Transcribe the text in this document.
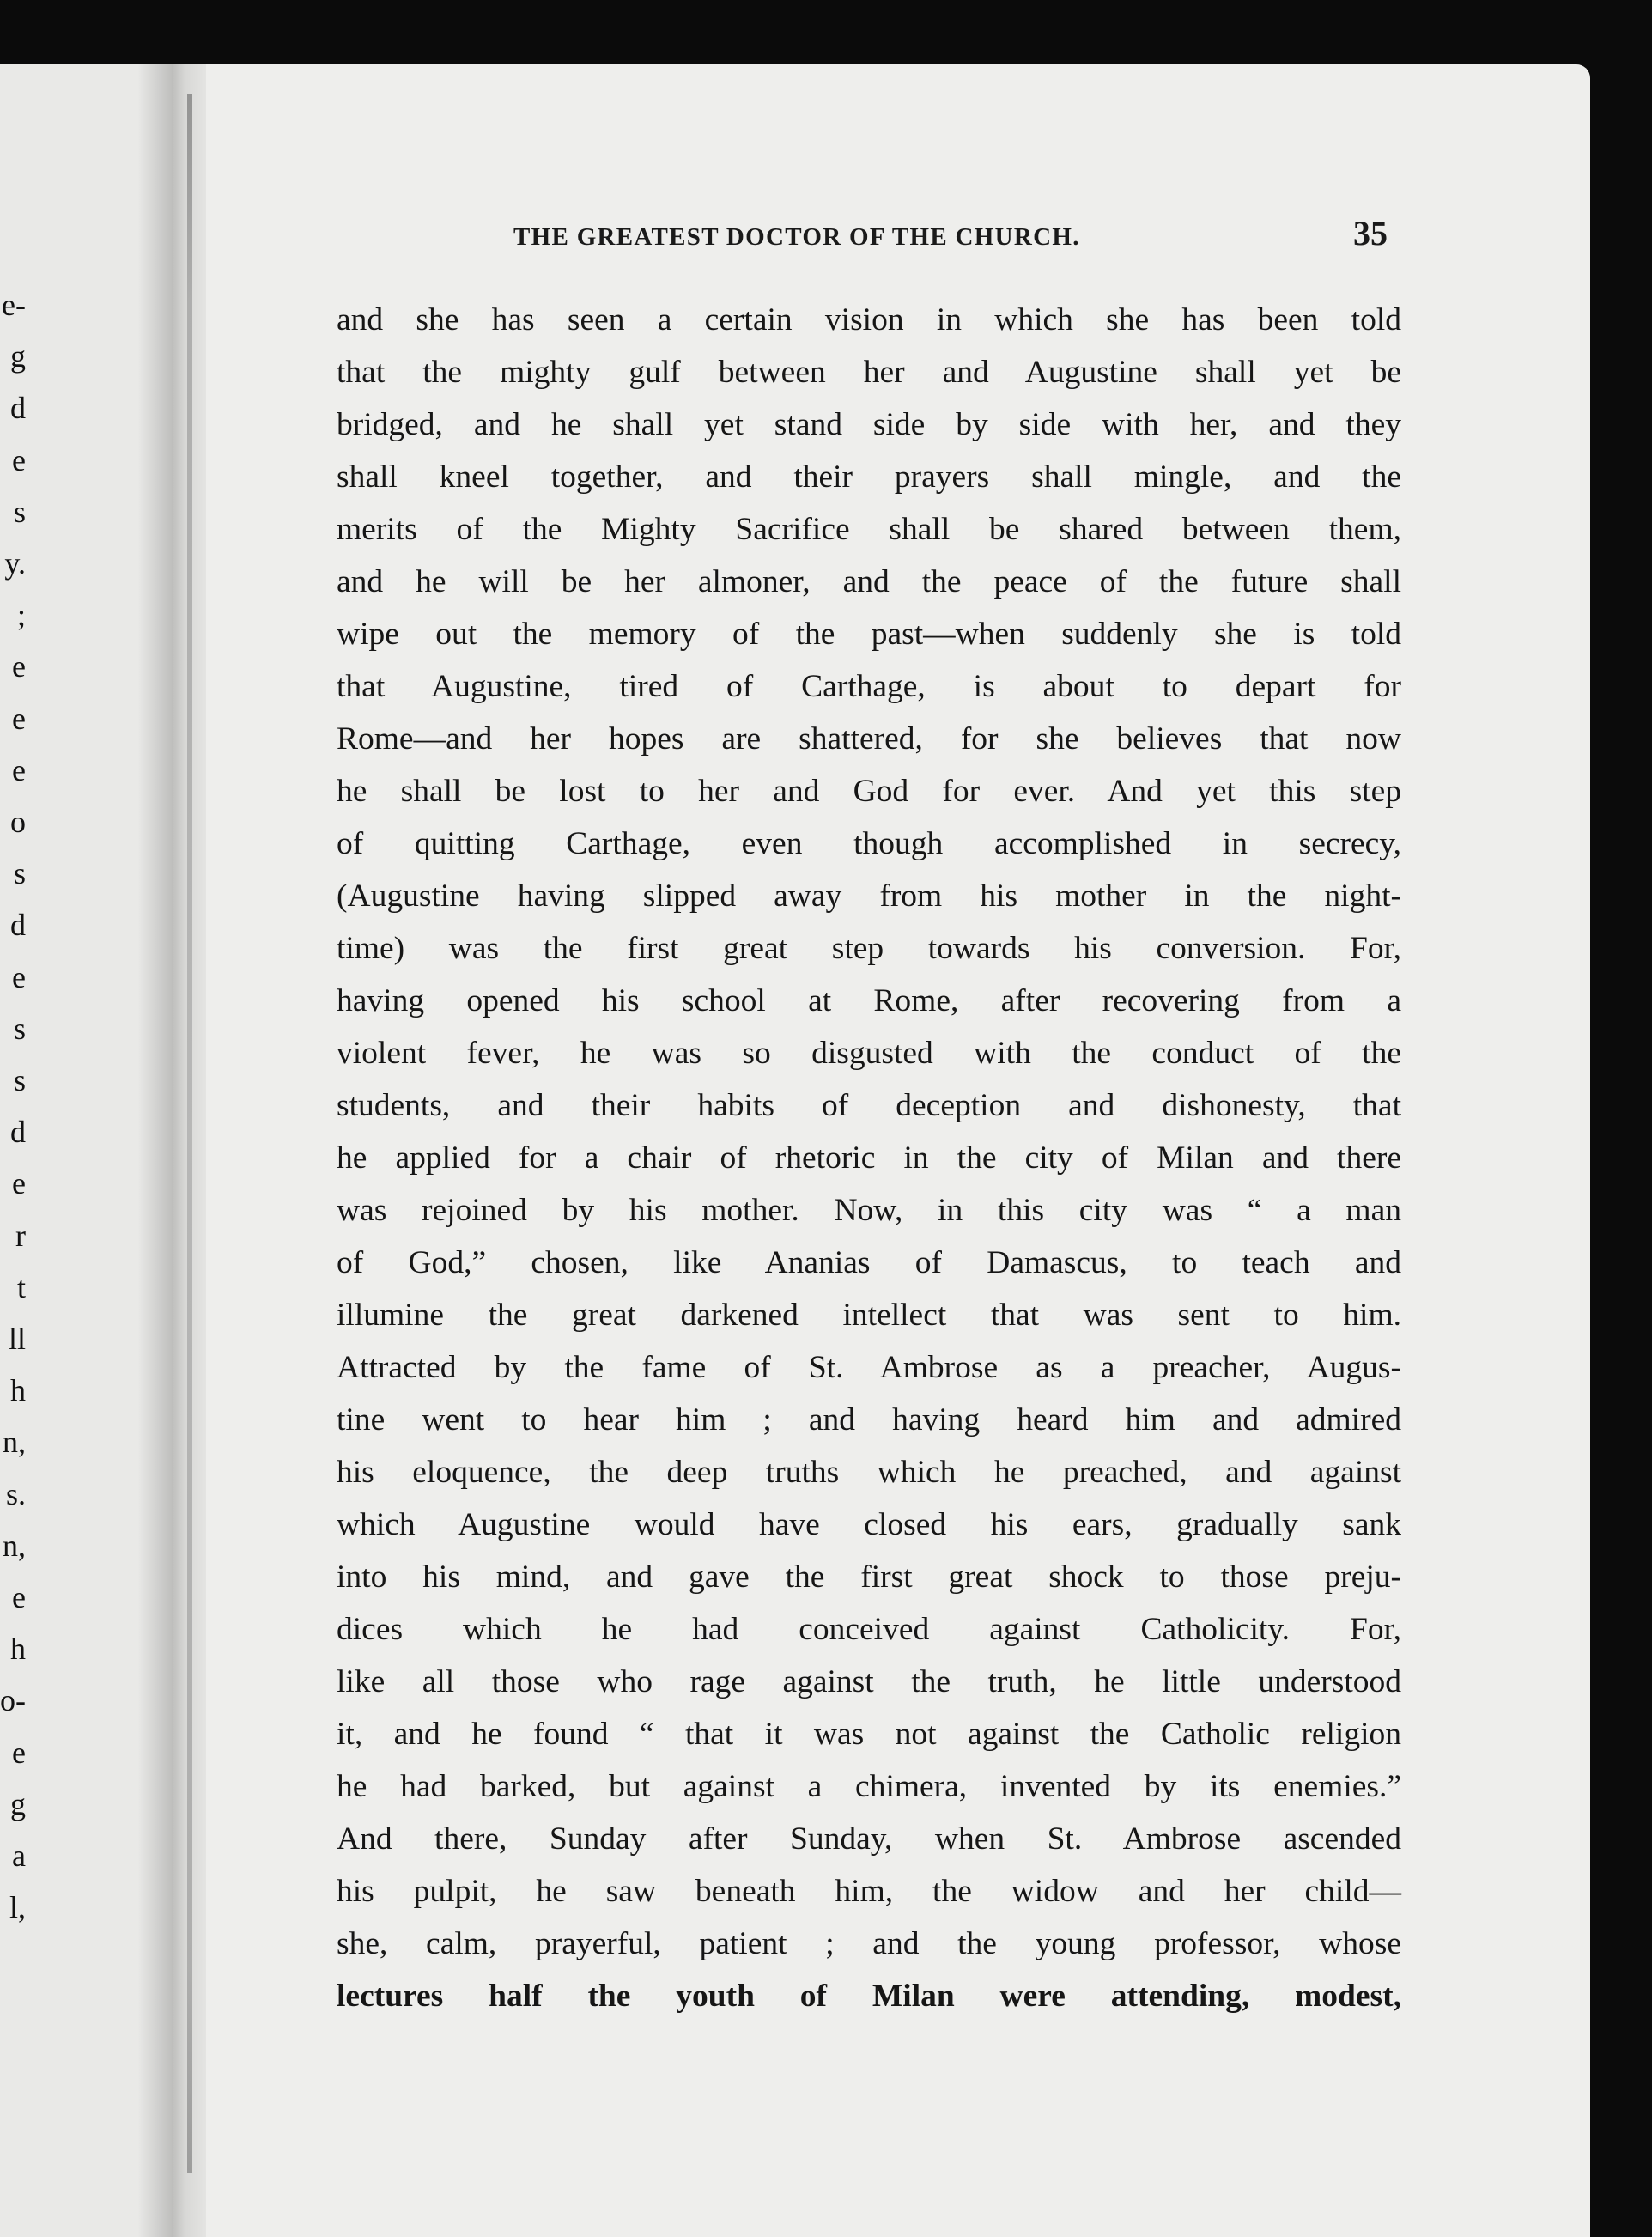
e-
g
d
e
s
y.
;
e
e
e
o
s
d
e
s
s
d
e
r
t
ll
h
n,
s.
n,
e
h
o-
e
g
a
l,
THE GREATEST DOCTOR OF THE CHURCH.	35
and she has seen a certain vision in which she has been told
that the mighty gulf between her and Augustine shall yet be
bridged, and he shall yet stand side by side with her, and they
shall kneel together, and their prayers shall mingle, and the
merits of the Mighty Sacrifice shall be shared between them,
and he will be her almoner, and the peace of the future shall
wipe out the memory of the past—when suddenly she is told
that Augustine, tired of Carthage, is about to depart for
Rome—and her hopes are shattered, for she believes that now
he shall be lost to her and God for ever. And yet this step
of quitting Carthage, even though accomplished in secrecy,
(Augustine having slipped away from his mother in the night-
time) was the first great step towards his conversion. For,
having opened his school at Rome, after recovering from a
violent fever, he was so disgusted with the conduct of the
students, and their habits of deception and dishonesty, that
he applied for a chair of rhetoric in the city of Milan and there
was rejoined by his mother. Now, in this city was “ a man
of God,” chosen, like Ananias of Damascus, to teach and
illumine the great darkened intellect that was sent to him.
Attracted by the fame of St. Ambrose as a preacher, Augus-
tine went to hear him ; and having heard him and admired
his eloquence, the deep truths which he preached, and against
which Augustine would have closed his ears, gradually sank
into his mind, and gave the first great shock to those preju-
dices which he had conceived against Catholicity. For,
like all those who rage against the truth, he little understood
it, and he found “ that it was not against the Catholic religion
he had barked, but against a chimera, invented by its enemies.”
And there, Sunday after Sunday, when St. Ambrose ascended
his pulpit, he saw beneath him, the widow and her child—
she, calm, prayerful, patient ; and the young professor, whose
lectures half the youth of Milan were attending, modest,
